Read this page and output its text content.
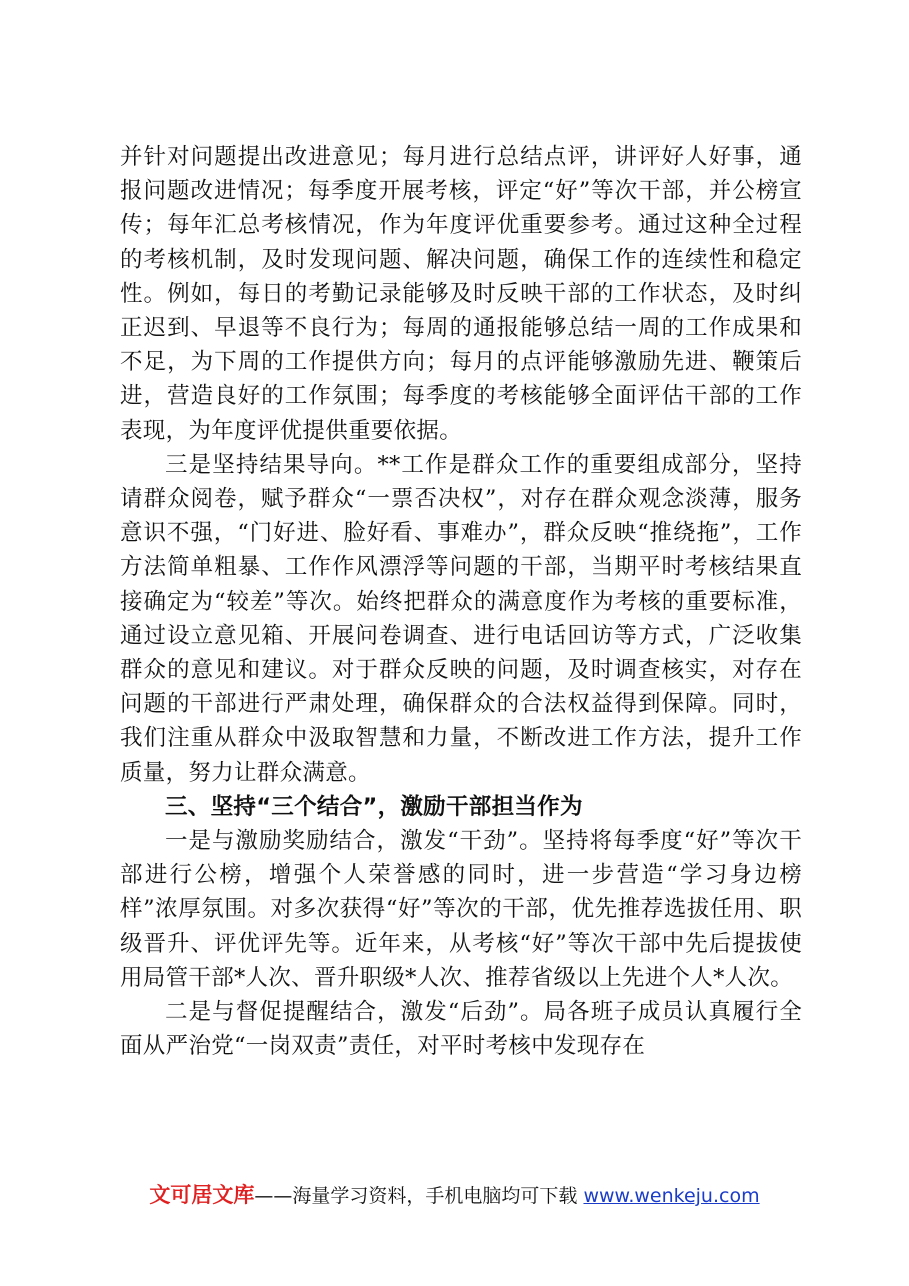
并针对问题提出改进意见；每月进行总结点评，讲评好人好事，通报问题改进情况；每季度开展考核，评定“好”等次干部，并公榜宣传；每年汇总考核情况，作为年度评优重要参考。通过这种全过程的考核机制，及时发现问题、解决问题，确保工作的连续性和稳定性。例如，每日的考勤记录能够及时反映干部的工作状态，及时纠正迟到、早退等不良行为；每周的通报能够总结一周的工作成果和不足，为下周的工作提供方向；每月的点评能够激励先进、鞭策后进，营造良好的工作氛围；每季度的考核能够全面评估干部的工作表现，为年度评优提供重要依据。

三是坚持结果导向。**工作是群众工作的重要组成部分，坚持请群众阅卷，赋予群众“一票否决权”，对存在群众观念淡薄，服务意识不强，“门好进、脸好看、事难办”，群众反映“推绕拖”，工作方法简单粗暴、工作作风漂浮等问题的干部，当期平时考核结果直接确定为“较差”等次。始终把群众的满意度作为考核的重要标准，通过设立意见箱、开展问卷调查、进行电话回访等方式，广泛收集群众的意见和建议。对于群众反映的问题，及时调查核实，对存在问题的干部进行严肃处理，确保群众的合法权益得到保障。同时，我们注重从群众中汲取智慧和力量，不断改进工作方法，提升工作质量，努力让群众满意。

三、坚持“三个结合”，激励干部担当作为

一是与激励奖励结合，激发“干劲”。坚持将每季度“好”等次干部进行公榜，增强个人荣誉感的同时，进一步营造“学习身边榜样”浓厚氛围。对多次获得“好”等次的干部，优先推荐选拔任用、职级晋升、评优评先等。近年来，从考核“好”等次干部中先后提拔使用局管干部*人次、晋升职级*人次、推荐省级以上先进个人*人次。

二是与督促提醒结合，激发“后劲”。局各班子成员认真履行全面从严治党“一岗双责”责任，对平时考核中发现存在

文可居文库——海量学习资料，手机电脑均可下载 www.wenkeju.com
